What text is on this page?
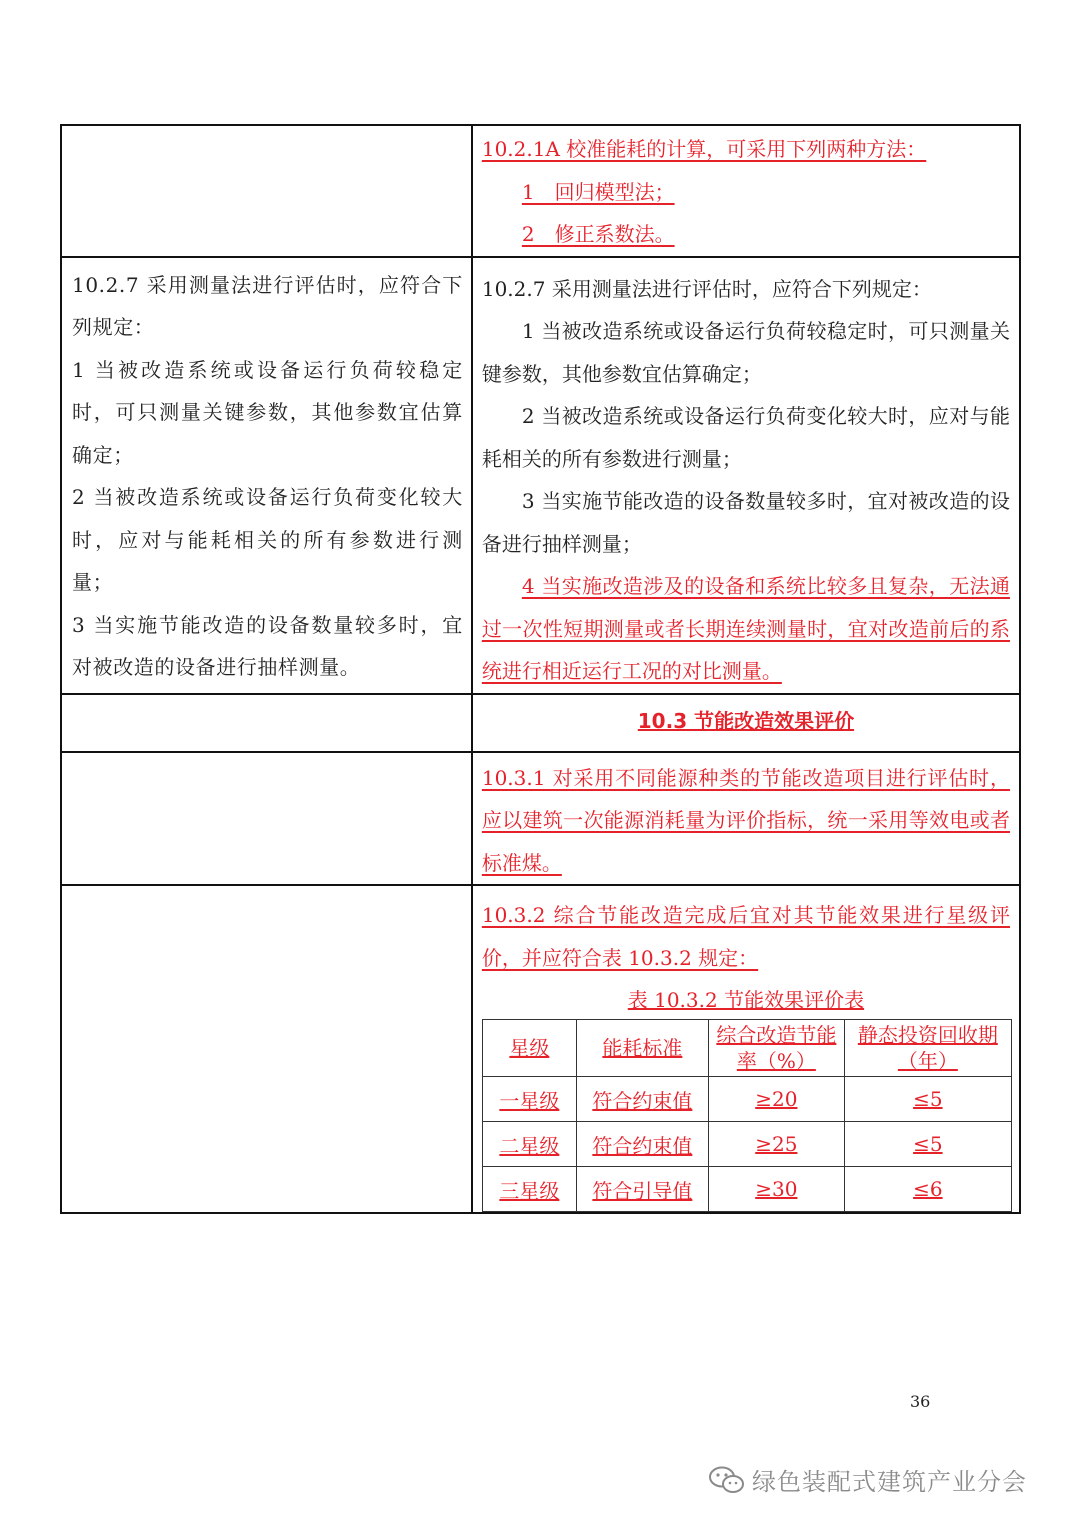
10.2.1A 校准能耗的计算，可采用下列两种方法：

1　回归模型法；

2　修正系数法。

10.2.7 采用测量法进行评估时，应符合下列规定：

1 当被改造系统或设备运行负荷较稳定时，可只测量关键参数，其他参数宜估算确定；

2 当被改造系统或设备运行负荷变化较大时，应对与能耗相关的所有参数进行测量；

3 当实施节能改造的设备数量较多时，宜对被改造的设备进行抽样测量。

10.2.7 采用测量法进行评估时，应符合下列规定：

1 当被改造系统或设备运行负荷较稳定时，可只测量关键参数，其他参数宜估算确定；

2 当被改造系统或设备运行负荷变化较大时，应对与能耗相关的所有参数进行测量；

3 当实施节能改造的设备数量较多时，宜对被改造的设备进行抽样测量；

4 当实施改造涉及的设备和系统比较多且复杂，无法通过一次性短期测量或者长期连续测量时，宜对改造前后的系统进行相近运行工况的对比测量。

10.3 节能改造效果评价

10.3.1 对采用不同能源种类的节能改造项目进行评估时，应以建筑一次能源消耗量为评价指标，统一采用等效电或者标准煤。

10.3.2 综合节能改造完成后宜对其节能效果进行星级评价，并应符合表 10.3.2 规定：

表 10.3.2 节能效果评价表
星级	能耗标准	综合改造节能率（%）	静态投资回收期（年）
一星级	符合约束值	≥20	≤5
二星级	符合约束值	≥25	≤5
三星级	符合引导值	≥30	≤6
36
绿色装配式建筑产业分会
